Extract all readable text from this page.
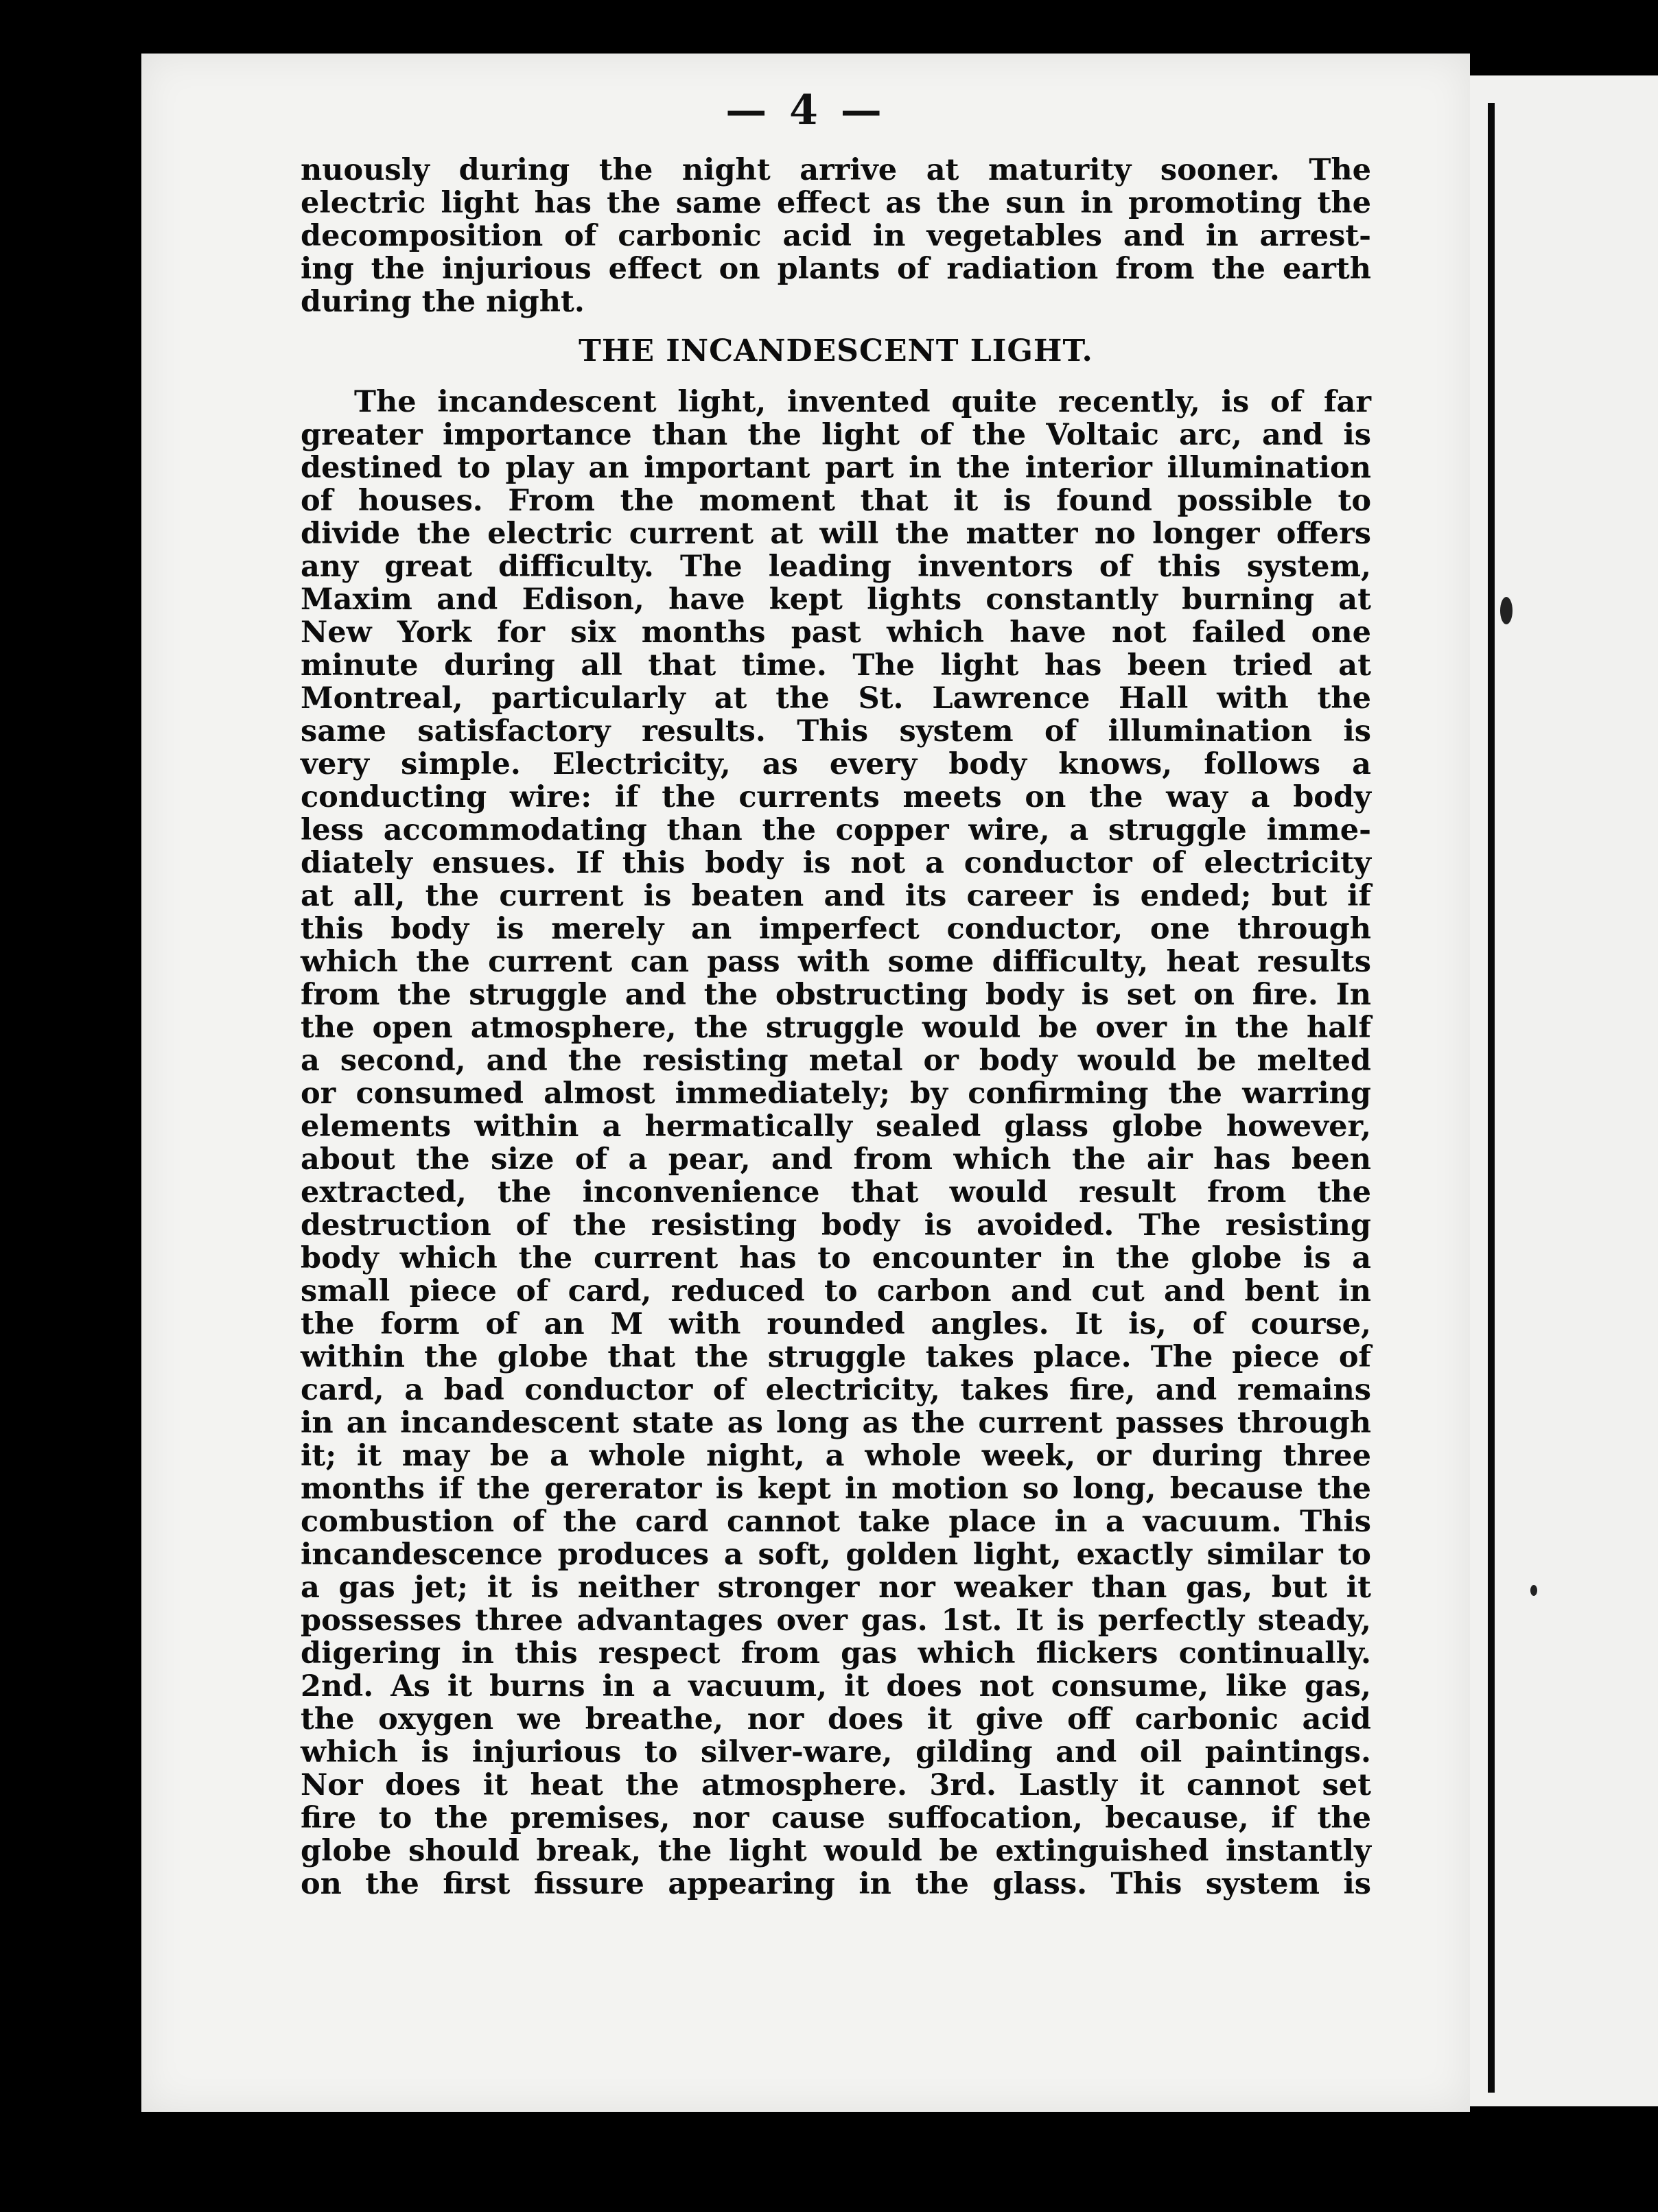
— 4 —
nuously during the night arrive at maturity sooner. The
electric light has the same effect as the sun in promoting the
decomposition of carbonic acid in vegetables and in arrest-
ing the injurious effect on plants of radiation from the earth
during the night.
THE INCANDESCENT LIGHT.
The incandescent light, invented quite recently, is of far
greater importance than the light of the Voltaic arc, and is
destined to play an important part in the interior illumination
of houses. From the moment that it is found possible to
divide the electric current at will the matter no longer offers
any great difficulty. The leading inventors of this system,
Maxim and Edison, have kept lights constantly burning at
New York for six months past which have not failed one
minute during all that time. The light has been tried at
Montreal, particularly at the St. Lawrence Hall with the
same satisfactory results. This system of illumination is
very simple. Electricity, as every body knows, follows a
conducting wire: if the currents meets on the way a body
less accommodating than the copper wire, a struggle imme-
diately ensues. If this body is not a conductor of electricity
at all, the current is beaten and its career is ended; but if
this body is merely an imperfect conductor, one through
which the current can pass with some difficulty, heat results
from the struggle and the obstructing body is set on fire. In
the open atmosphere, the struggle would be over in the half
a second, and the resisting metal or body would be melted
or consumed almost immediately; by confirming the warring
elements within a hermatically sealed glass globe however,
about the size of a pear, and from which the air has been
extracted, the inconvenience that would result from the
destruction of the resisting body is avoided. The resisting
body which the current has to encounter in the globe is a
small piece of card, reduced to carbon and cut and bent in
the form of an M with rounded angles. It is, of course,
within the globe that the struggle takes place. The piece of
card, a bad conductor of electricity, takes fire, and remains
in an incandescent state as long as the current passes through
it; it may be a whole night, a whole week, or during three
months if the gererator is kept in motion so long, because the
combustion of the card cannot take place in a vacuum. This
incandescence produces a soft, golden light, exactly similar to
a gas jet; it is neither stronger nor weaker than gas, but it
possesses three advantages over gas. 1st. It is perfectly steady,
digering in this respect from gas which flickers continually.
2nd. As it burns in a vacuum, it does not consume, like gas,
the oxygen we breathe, nor does it give off carbonic acid
which is injurious to silver-ware, gilding and oil paintings.
Nor does it heat the atmosphere. 3rd. Lastly it cannot set
fire to the premises, nor cause suffocation, because, if the
globe should break, the light would be extinguished instantly
on the first fissure appearing in the glass. This system is
